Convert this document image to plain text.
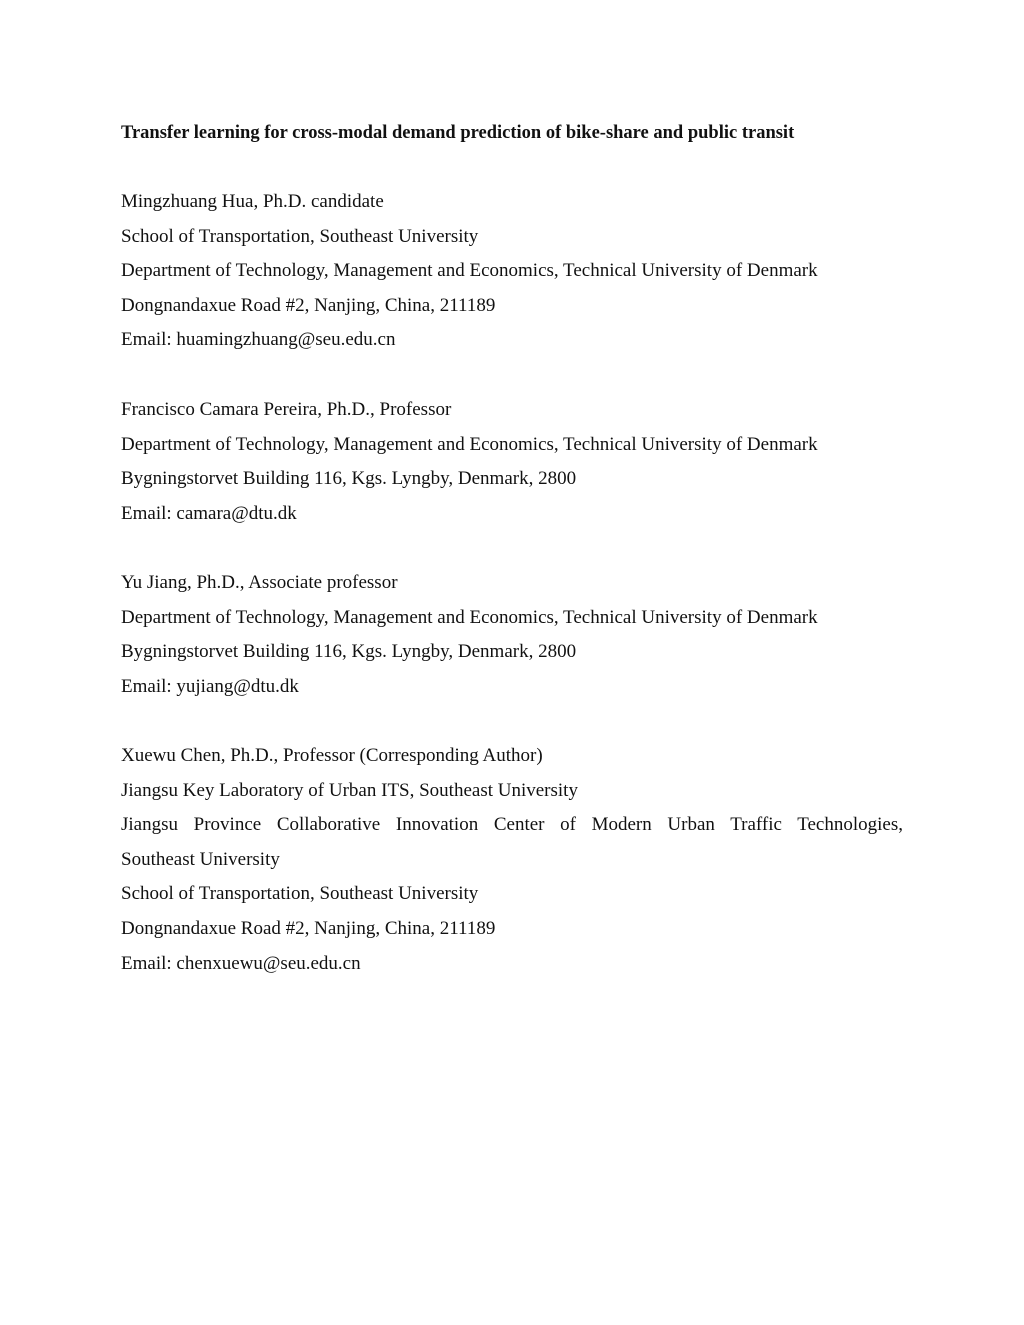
Transfer learning for cross-modal demand prediction of bike-share and public transit
Mingzhuang Hua, Ph.D. candidate
School of Transportation, Southeast University
Department of Technology, Management and Economics, Technical University of Denmark
Dongnandaxue Road #2, Nanjing, China, 211189
Email: huamingzhuang@seu.edu.cn
Francisco Camara Pereira, Ph.D., Professor
Department of Technology, Management and Economics, Technical University of Denmark
Bygningstorvet Building 116, Kgs. Lyngby, Denmark, 2800
Email: camara@dtu.dk
Yu Jiang, Ph.D., Associate professor
Department of Technology, Management and Economics, Technical University of Denmark
Bygningstorvet Building 116, Kgs. Lyngby, Denmark, 2800
Email: yujiang@dtu.dk
Xuewu Chen, Ph.D., Professor (Corresponding Author)
Jiangsu Key Laboratory of Urban ITS, Southeast University
Jiangsu Province Collaborative Innovation Center of Modern Urban Traffic Technologies,
Southeast University
School of Transportation, Southeast University
Dongnandaxue Road #2, Nanjing, China, 211189
Email: chenxuewu@seu.edu.cn
